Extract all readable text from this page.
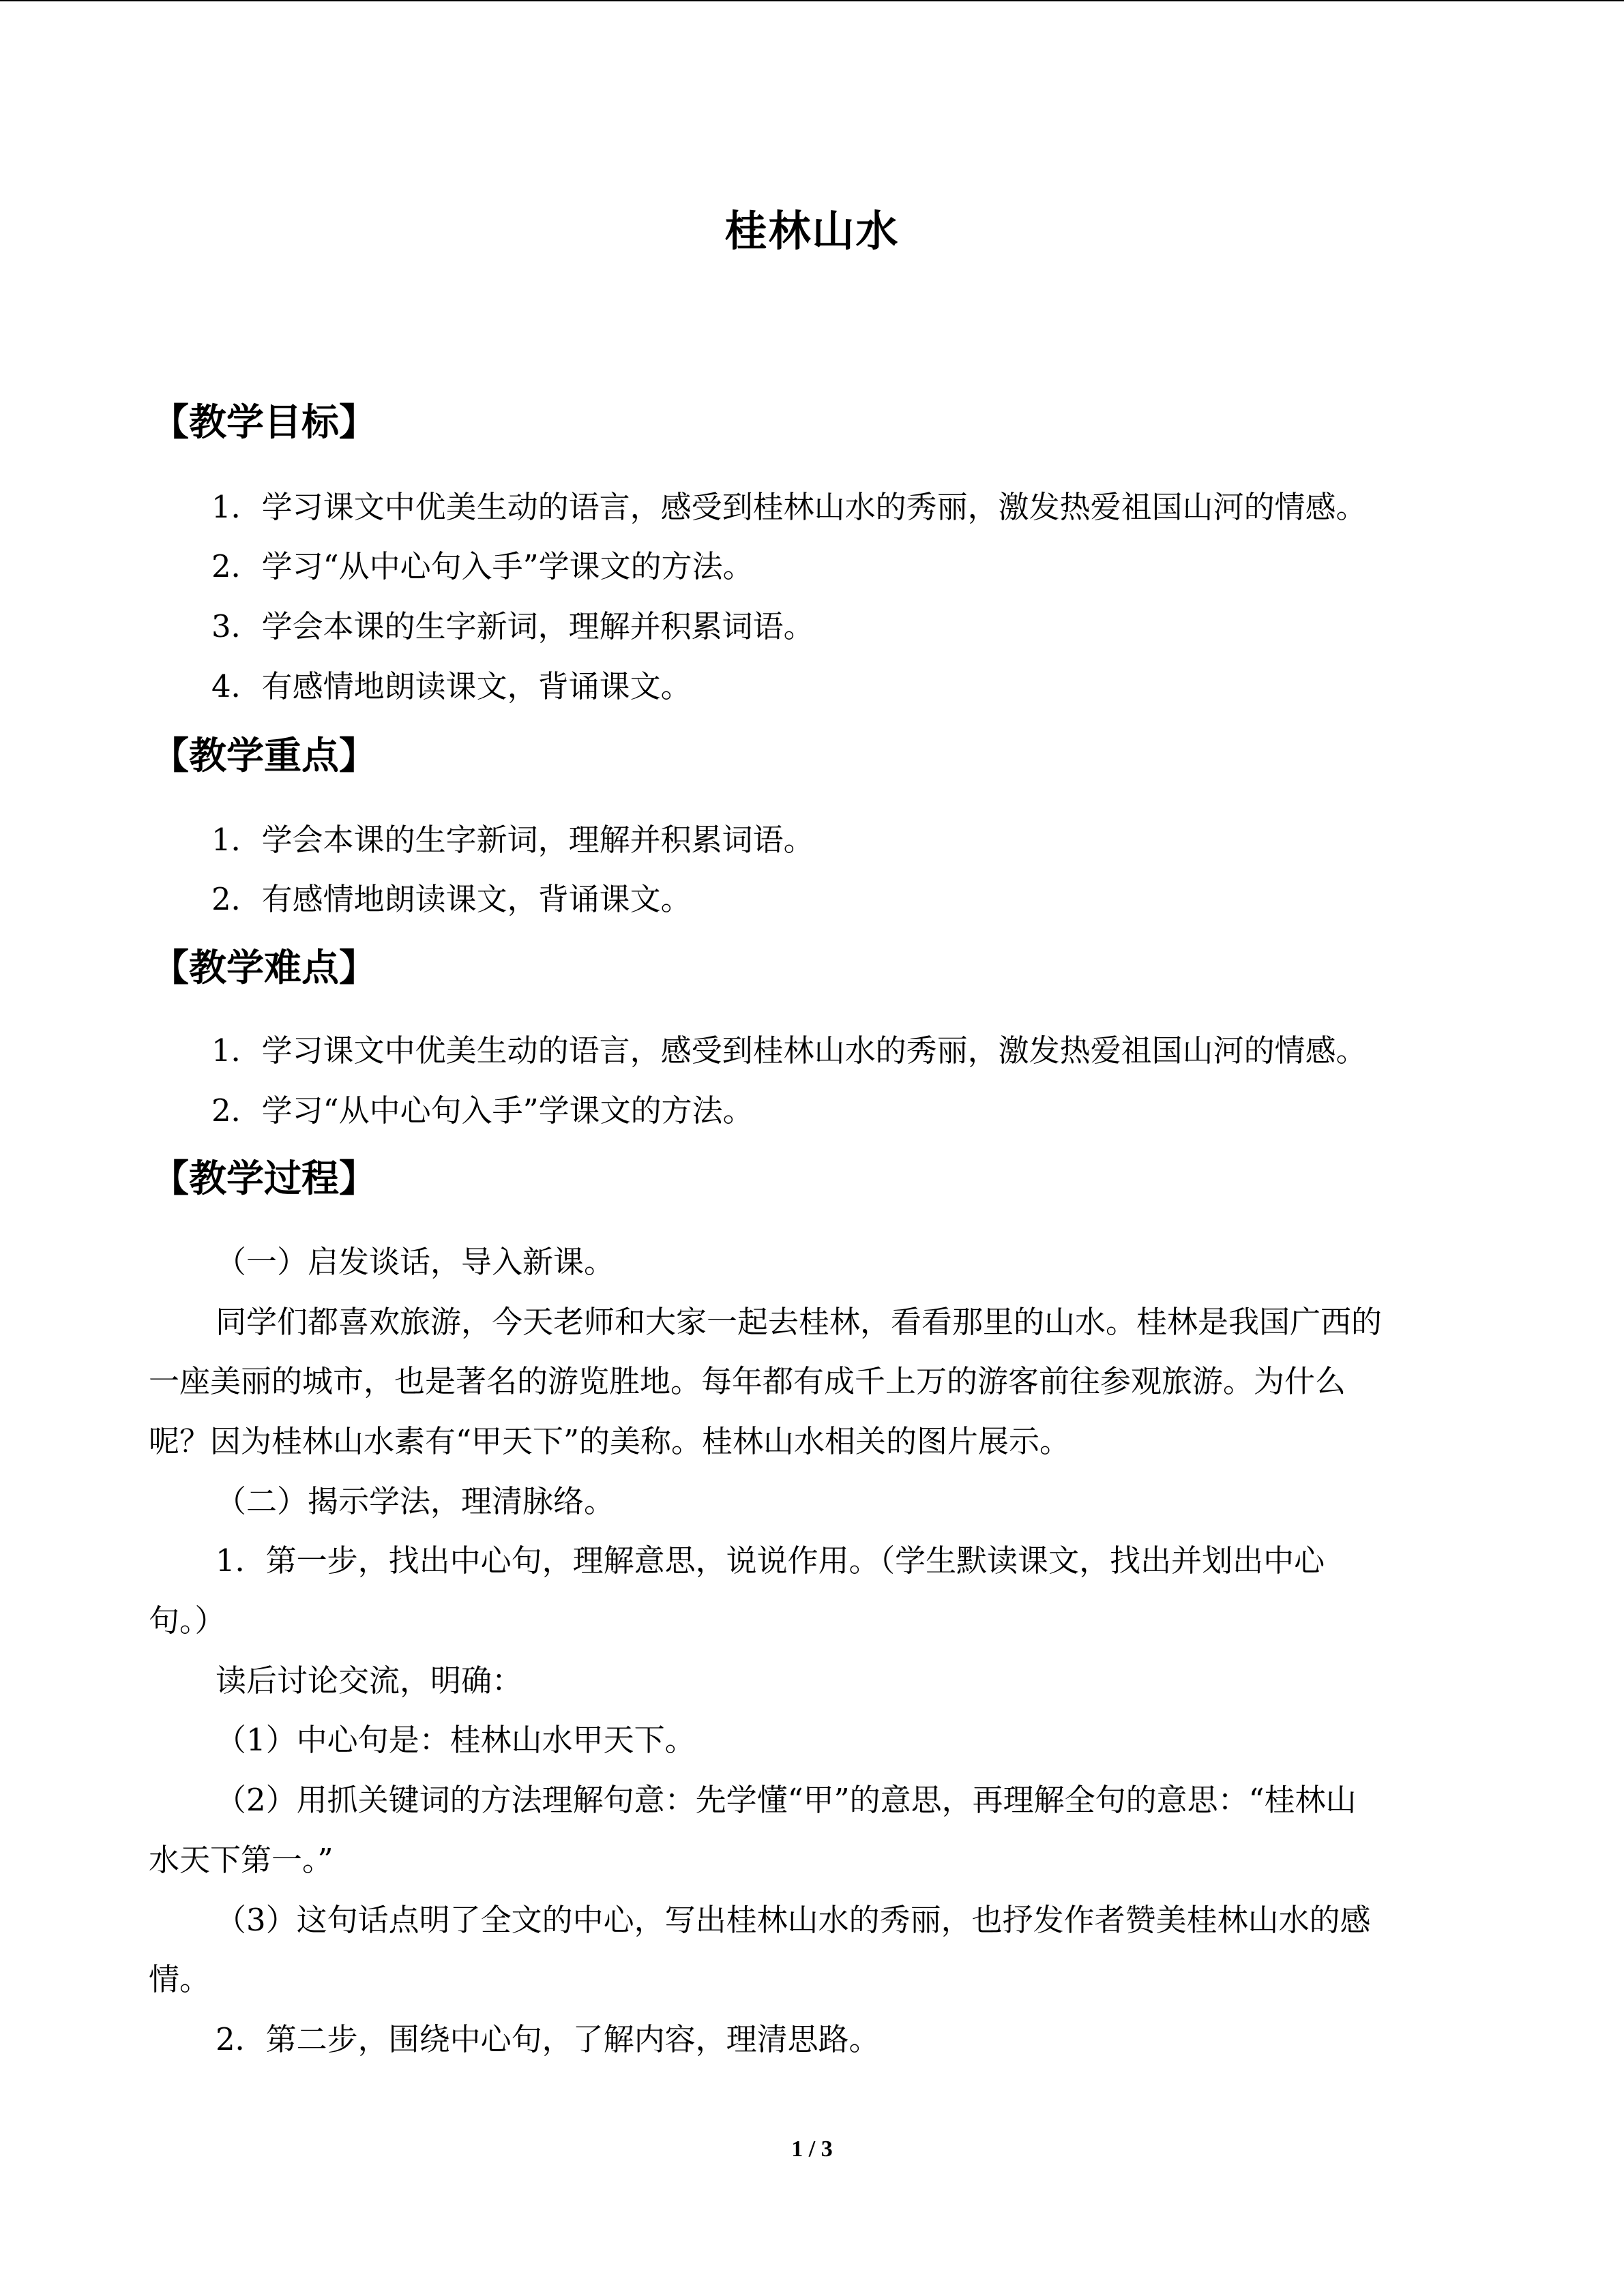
桂林山水
【教学目标】
1．学习课文中优美生动的语言，感受到桂林山水的秀丽，激发热爱祖国山河的情感。
2．学习“从中心句入手”学课文的方法。
3．学会本课的生字新词，理解并积累词语。
4．有感情地朗读课文，背诵课文。
【教学重点】
1．学会本课的生字新词，理解并积累词语。
2．有感情地朗读课文，背诵课文。
【教学难点】
1．学习课文中优美生动的语言，感受到桂林山水的秀丽，激发热爱祖国山河的情感。
2．学习“从中心句入手”学课文的方法。
【教学过程】
（一）启发谈话，导入新课。
同学们都喜欢旅游，今天老师和大家一起去桂林，看看那里的山水。桂林是我国广西的
一座美丽的城市，也是著名的游览胜地。每年都有成千上万的游客前往参观旅游。为什么
呢？因为桂林山水素有“甲天下”的美称。桂林山水相关的图片展示。
（二）揭示学法，理清脉络。
1．第一步，找出中心句，理解意思，说说作用。（学生默读课文，找出并划出中心
句。）
读后讨论交流，明确：
（1）中心句是：桂林山水甲天下。
（2）用抓关键词的方法理解句意：先学懂“甲”的意思，再理解全句的意思：“桂林山
水天下第一。”
（3）这句话点明了全文的中心，写出桂林山水的秀丽，也抒发作者赞美桂林山水的感
情。
2．第二步，围绕中心句，了解内容，理清思路。
1 / 3
